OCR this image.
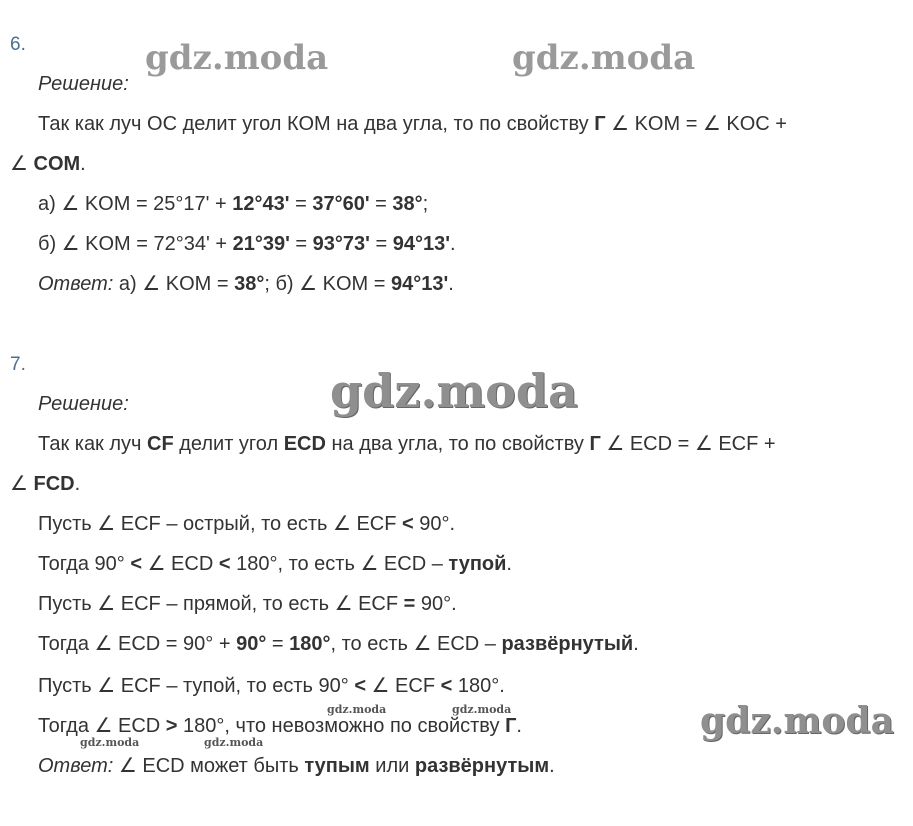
gdz.moda	gdz.moda
gdz.moda
gdz.moda
gdz.moda	gdz.moda
gdz.moda	gdz.moda
6.
Решение:
Так как луч ОС делит угол КОМ на два угла, то по свойству Г ∠ KOM = ∠ KOC +
∠ COM.
а) ∠ KOM = 25°17' + 12°43' = 37°60' = 38°;
б) ∠ KOM = 72°34' + 21°39' = 93°73' = 94°13'.
Ответ: а) ∠ KOM = 38°; б) ∠ KOM = 94°13'.
7.
Решение:
Так как луч CF делит угол ECD на два угла, то по свойству Г ∠ ECD = ∠ ECF +
∠ FCD.
Пусть ∠ ECF – острый, то есть ∠ ECF < 90°.
Тогда 90° < ∠ ECD < 180°, то есть ∠ ECD – тупой.
Пусть ∠ ECF – прямой, то есть ∠ ECF = 90°.
Тогда ∠ ECD = 90° + 90° = 180°, то есть ∠ ECD – развёрнутый.
Пусть ∠ ECF – тупой, то есть 90° < ∠ ECF < 180°.
Тогда ∠ ECD > 180°, что невозможно по свойству Г.
Ответ: ∠ ECD может быть тупым или развёрнутым.
